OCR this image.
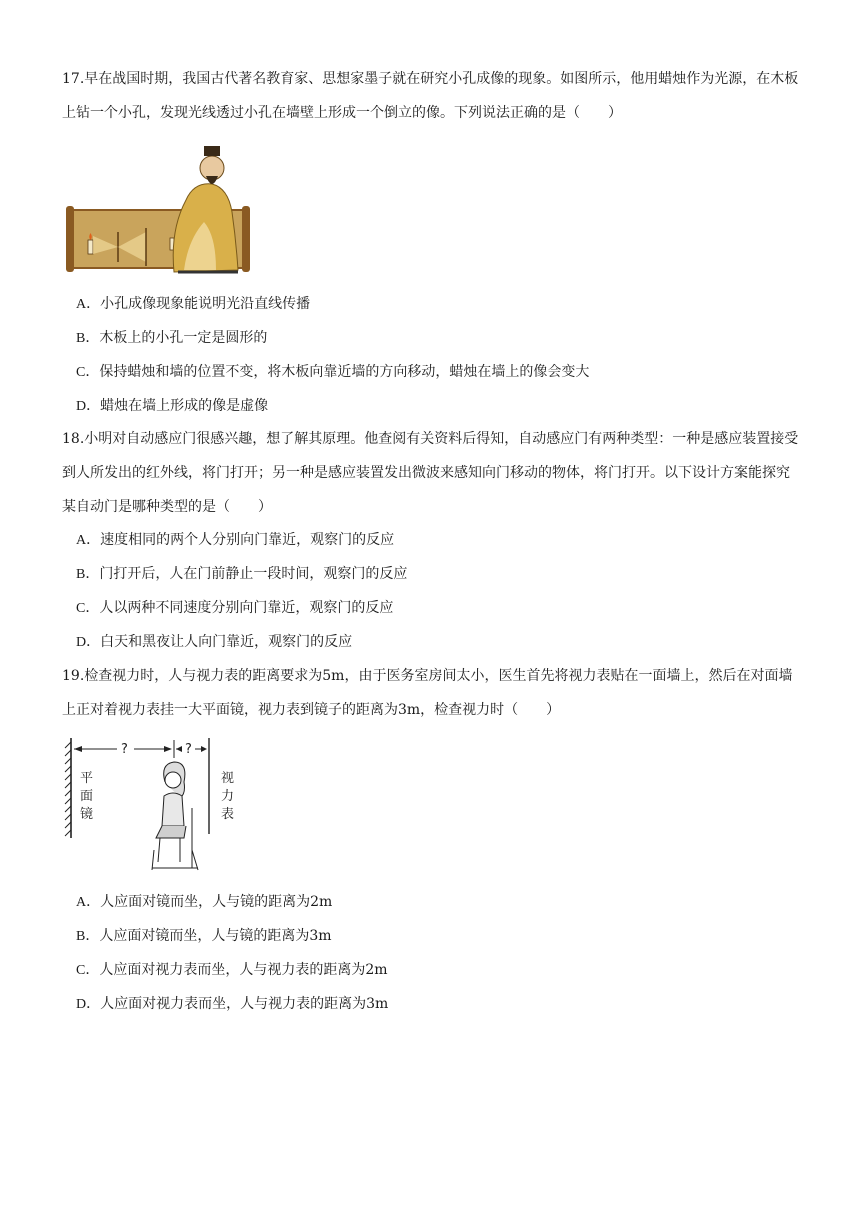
17.早在战国时期，我国古代著名教育家、思想家墨子就在研究小孔成像的现象。如图所示，他用蜡烛作为光源，在木板上钻一个小孔，发现光线透过小孔在墙壁上形成一个倒立的像。下列说法正确的是（　　）

A．小孔成像现象能说明光沿直线传播
B．木板上的小孔一定是圆形的
C．保持蜡烛和墙的位置不变，将木板向靠近墙的方向移动，蜡烛在墙上的像会变大
D．蜡烛在墙上形成的像是虚像

18.小明对自动感应门很感兴趣，想了解其原理。他查阅有关资料后得知，自动感应门有两种类型：一种是感应装置接受到人所发出的红外线，将门打开；另一种是感应装置发出微波来感知向门移动的物体，将门打开。以下设计方案能探究某自动门是哪种类型的是（　　）

A．速度相同的两个人分别向门靠近，观察门的反应
B．门打开后，人在门前静止一段时间，观察门的反应
C．人以两种不同速度分别向门靠近，观察门的反应
D．白天和黑夜让人向门靠近，观察门的反应

19.检查视力时，人与视力表的距离要求为5m，由于医务室房间太小，医生首先将视力表贴在一面墙上，然后在对面墙上正对着视力表挂一大平面镜，视力表到镜子的距离为3m，检查视力时（　　）

?	?
平
面
镜
视
力
表
A．人应面对镜而坐，人与镜的距离为2m
B．人应面对镜而坐，人与镜的距离为3m
C．人应面对视力表而坐，人与视力表的距离为2m
D．人应面对视力表而坐，人与视力表的距离为3m
